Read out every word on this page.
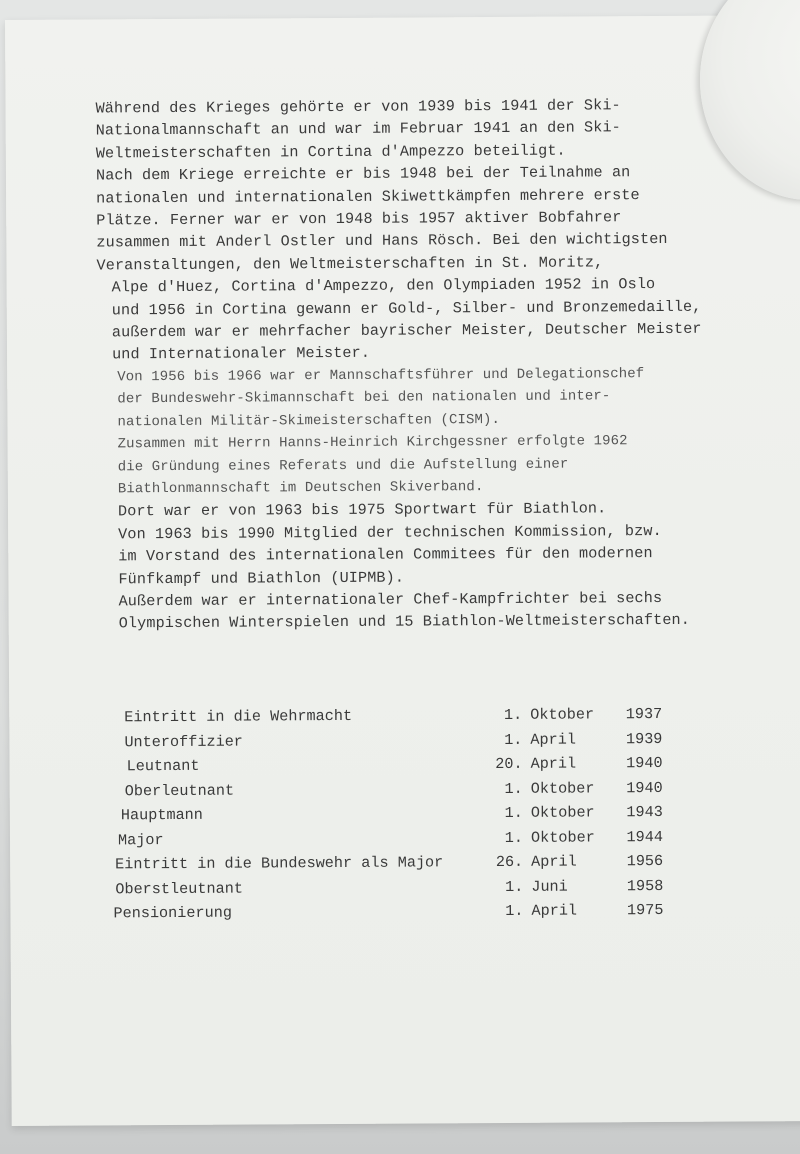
Während des Krieges gehörte er von 1939 bis 1941 der Ski-
Nationalmannschaft an und war im Februar 1941 an den Ski-
Weltmeisterschaften in Cortina d'Ampezzo beteiligt.
Nach dem Kriege erreichte er bis 1948 bei der Teilnahme an
nationalen und internationalen Skiwettkämpfen mehrere erste
Plätze. Ferner war er von 1948 bis 1957 aktiver Bobfahrer
zusammen mit Anderl Ostler und Hans Rösch. Bei den wichtigsten
Veranstaltungen, den Weltmeisterschaften in St. Moritz,
Alpe d'Huez, Cortina d'Ampezzo, den Olympiaden 1952 in Oslo
und 1956 in Cortina gewann er Gold-, Silber- und Bronzemedaille,
außerdem war er mehrfacher bayrischer Meister, Deutscher Meister
und Internationaler Meister.
Von 1956 bis 1966 war er Mannschaftsführer und Delegationschef
der Bundeswehr-Skimannschaft bei den nationalen und inter-
nationalen Militär-Skimeisterschaften (CISM).
Zusammen mit Herrn Hanns-Heinrich Kirchgessner erfolgte 1962
die Gründung eines Referats und die Aufstellung einer
Biathlonmannschaft im Deutschen Skiverband.
Dort war er von 1963 bis 1975 Sportwart für Biathlon.
Von 1963 bis 1990 Mitglied der technischen Kommission, bzw.
im Vorstand des internationalen Commitees für den modernen
Fünfkampf und Biathlon (UIPMB).
Außerdem war er internationaler Chef-Kampfrichter bei sechs
Olympischen Winterspielen und 15 Biathlon-Weltmeisterschaften.
Eintritt in die Wehrmacht	1. Oktober	1937
Unteroffizier	1. April	1939
Leutnant	20. April	1940
Oberleutnant	1. Oktober	1940
Hauptmann	1. Oktober	1943
Major	1. Oktober	1944
Eintritt in die Bundeswehr als Major	26. April	1956
Oberstleutnant	1. Juni	1958
Pensionierung	1. April	1975
